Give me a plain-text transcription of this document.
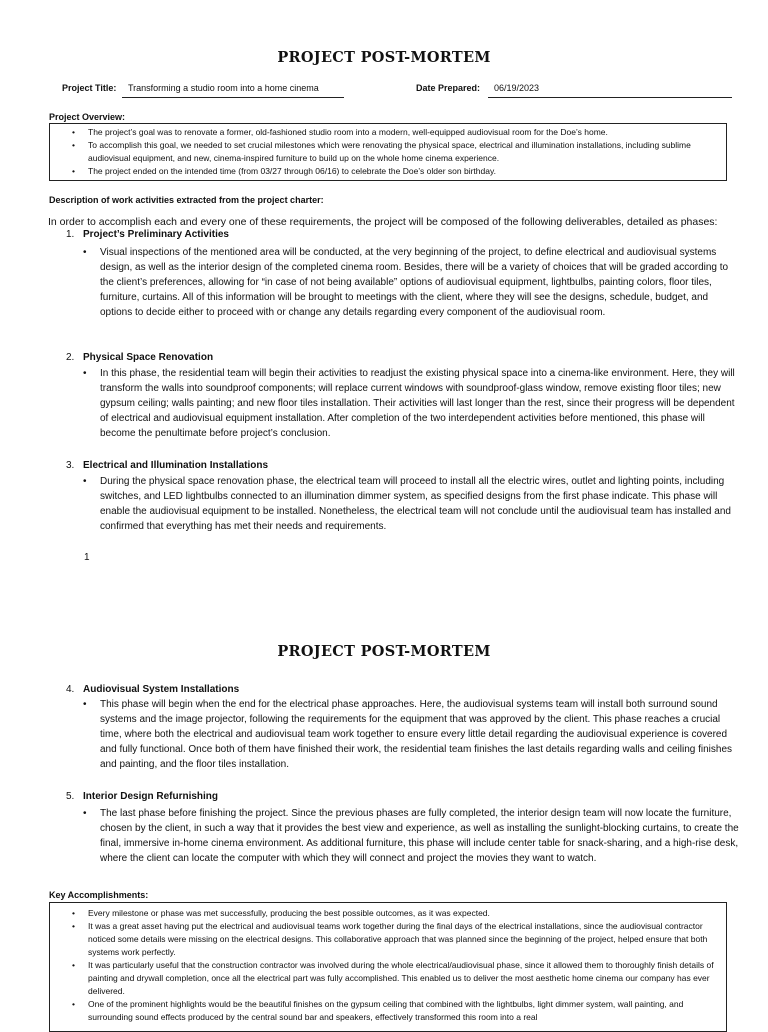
PROJECT POST-MORTEM
Project Title: Transforming a studio room into a home cinema	Date Prepared: 06/19/2023
Project Overview:
• The project’s goal was to renovate a former, old-fashioned studio room into a modern, well-equipped audiovisual room for the Doe’s home.
• To accomplish this goal, we needed to set crucial milestones which were renovating the physical space, electrical and illumination installations, including sublime audiovisual equipment, and new, cinema-inspired furniture to build up on the whole home cinema experience.
• The project ended on the intended time (from 03/27 through 06/16) to celebrate the Doe’s older son birthday.
Description of work activities extracted from the project charter:
In order to accomplish each and every one of these requirements, the project will be composed of the following deliverables, detailed as phases:
1. Project’s Preliminary Activities
• Visual inspections of the mentioned area will be conducted, at the very beginning of the project, to define electrical and audiovisual systems design, as well as the interior design of the completed cinema room. Besides, there will be a variety of choices that will be graded according to the client’s preferences, allowing for “in case of not being available” options of audiovisual equipment, lightbulbs, painting colors, floor tiles, furniture, curtains. All of this information will be brought to meetings with the client, where they will see the designs, schedule, budget, and options to decide either to proceed with or change any details regarding every component of the audiovisual room.
2. Physical Space Renovation
• In this phase, the residential team will begin their activities to readjust the existing physical space into a cinema-like environment. Here, they will transform the walls into soundproof components; will replace current windows with soundproof-glass window, remove existing floor tiles; new gypsum ceiling; walls painting; and new floor tiles installation. Their activities will last longer than the rest, since their progress will be dependent of electrical and audiovisual equipment installation. After completion of the two interdependent activities before mentioned, this phase will become the penultimate before project’s conclusion.
3. Electrical and Illumination Installations
• During the physical space renovation phase, the electrical team will proceed to install all the electric wires, outlet and lighting points, including switches, and LED lightbulbs connected to an illumination dimmer system, as specified designs from the first phase indicate. This phase will enable the audiovisual equipment to be installed. Nonetheless, the electrical team will not conclude until the audiovisual team has installed and confirmed that everything has met their needs and requirements.
1
PROJECT POST-MORTEM
4. Audiovisual System Installations
• This phase will begin when the end for the electrical phase approaches. Here, the audiovisual systems team will install both surround sound systems and the image projector, following the requirements for the equipment that was approved by the client. This phase reaches a crucial time, where both the electrical and audiovisual team work together to ensure every little detail regarding the audiovisual experience is covered and fully functional. Once both of them have finished their work, the residential team finishes the last details regarding walls and ceiling finishes and painting, and the floor tiles installation.
5. Interior Design Refurnishing
• The last phase before finishing the project. Since the previous phases are fully completed, the interior design team will now locate the furniture, chosen by the client, in such a way that it provides the best view and experience, as well as installing the sunlight-blocking curtains, to create the final, immersive in-home cinema environment. As additional furniture, this phase will include center table for snack-sharing, and a high-rise desk, where the client can locate the computer with which they will connect and project the movies they want to watch.
Key Accomplishments:
• Every milestone or phase was met successfully, producing the best possible outcomes, as it was expected.
• It was a great asset having put the electrical and audiovisual teams work together during the final days of the electrical installations, since the audiovisual contractor noticed some details were missing on the electrical designs. This collaborative approach that was planned since the beginning of the project, helped ensure that both systems work perfectly.
• It was particularly useful that the construction contractor was involved during the whole electrical/audiovisual phase, since it allowed them to thoroughly finish details of painting and drywall completion, once all the electrical part was fully accomplished. This enabled us to deliver the most aesthetic home cinema our company has ever delivered.
• One of the prominent highlights would be the beautiful finishes on the gypsum ceiling that combined with the lightbulbs, light dimmer system, wall painting, and surrounding sound effects produced by the central sound bar and speakers, effectively transformed this room into a real
